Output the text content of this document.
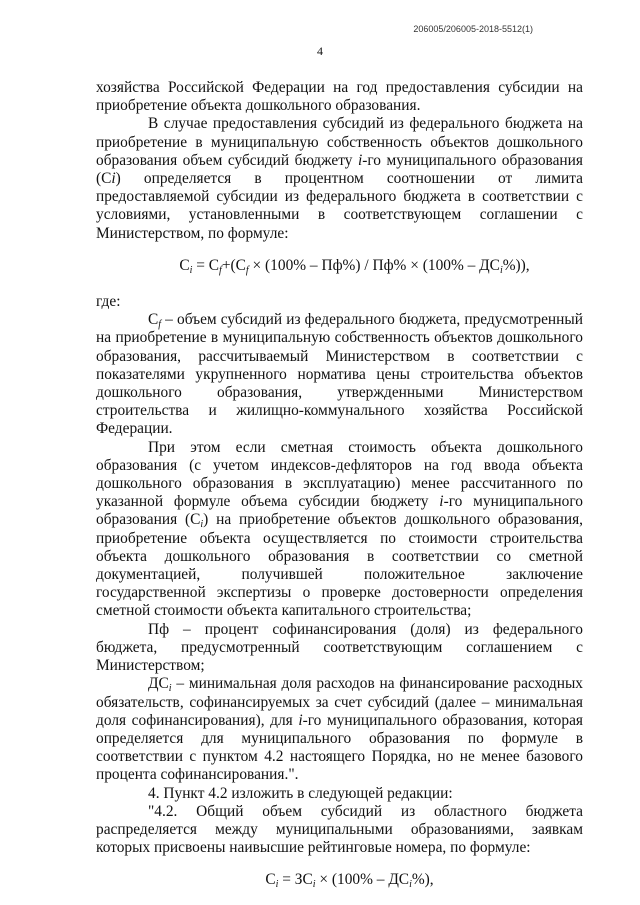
206005/206005-2018-5512(1)
4

хозяйства Российской Федерации на год предоставления субсидии на приобретение объекта дошкольного образования.

В случае предоставления субсидий из федерального бюджета на приобретение в муниципальную собственность объектов дошкольного образования объем субсидий бюджету i-го муниципального образования (Сi) определяется в процентном соотношении от лимита предоставляемой субсидии из федерального бюджета в соответствии с условиями, установленными в соответствующем соглашении с Министерством, по формуле:

$С_i = С_f+(С_f \times (100\% - Пф\%) / Пф\% \times (100\% - ДС_i\%))$,

где:

$С_f$ – объем субсидий из федерального бюджета, предусмотренный на приобретение в муниципальную собственность объектов дошкольного образования, рассчитываемый Министерством в соответствии с показателями укрупненного норматива цены строительства объектов дошкольного образования, утвержденными Министерством строительства и жилищно-коммунального хозяйства Российской Федерации.

При этом если сметная стоимость объекта дошкольного образования (с учетом индексов-дефляторов на год ввода объекта дошкольного образования в эксплуатацию) менее рассчитанного по указанной формуле объема субсидии бюджету i-го муниципального образования $(С_i)$ на приобретение объектов дошкольного образования, приобретение объекта осуществляется по стоимости строительства объекта дошкольного образования в соответствии со сметной документацией, получившей положительное заключение государственной экспертизы о проверке достоверности определения сметной стоимости объекта капитального строительства;

Пф – процент софинансирования (доля) из федерального бюджета, предусмотренный соответствующим соглашением с Министерством;

$ДС_i$ – минимальная доля расходов на финансирование расходных обязательств, софинансируемых за счет субсидий (далее – минимальная доля софинансирования), для i-го муниципального образования, которая определяется для муниципального образования по формуле в соответствии с пунктом 4.2 настоящего Порядка, но не менее базового процента софинансирования.".

4. Пункт 4.2 изложить в следующей редакции:

"4.2. Общий объем субсидий из областного бюджета распределяется между муниципальными образованиями, заявкам которых присвоены наивысшие рейтинговые номера, по формуле:

$С_i = ЗС_i \times (100\% - ДС_i\%)$,
